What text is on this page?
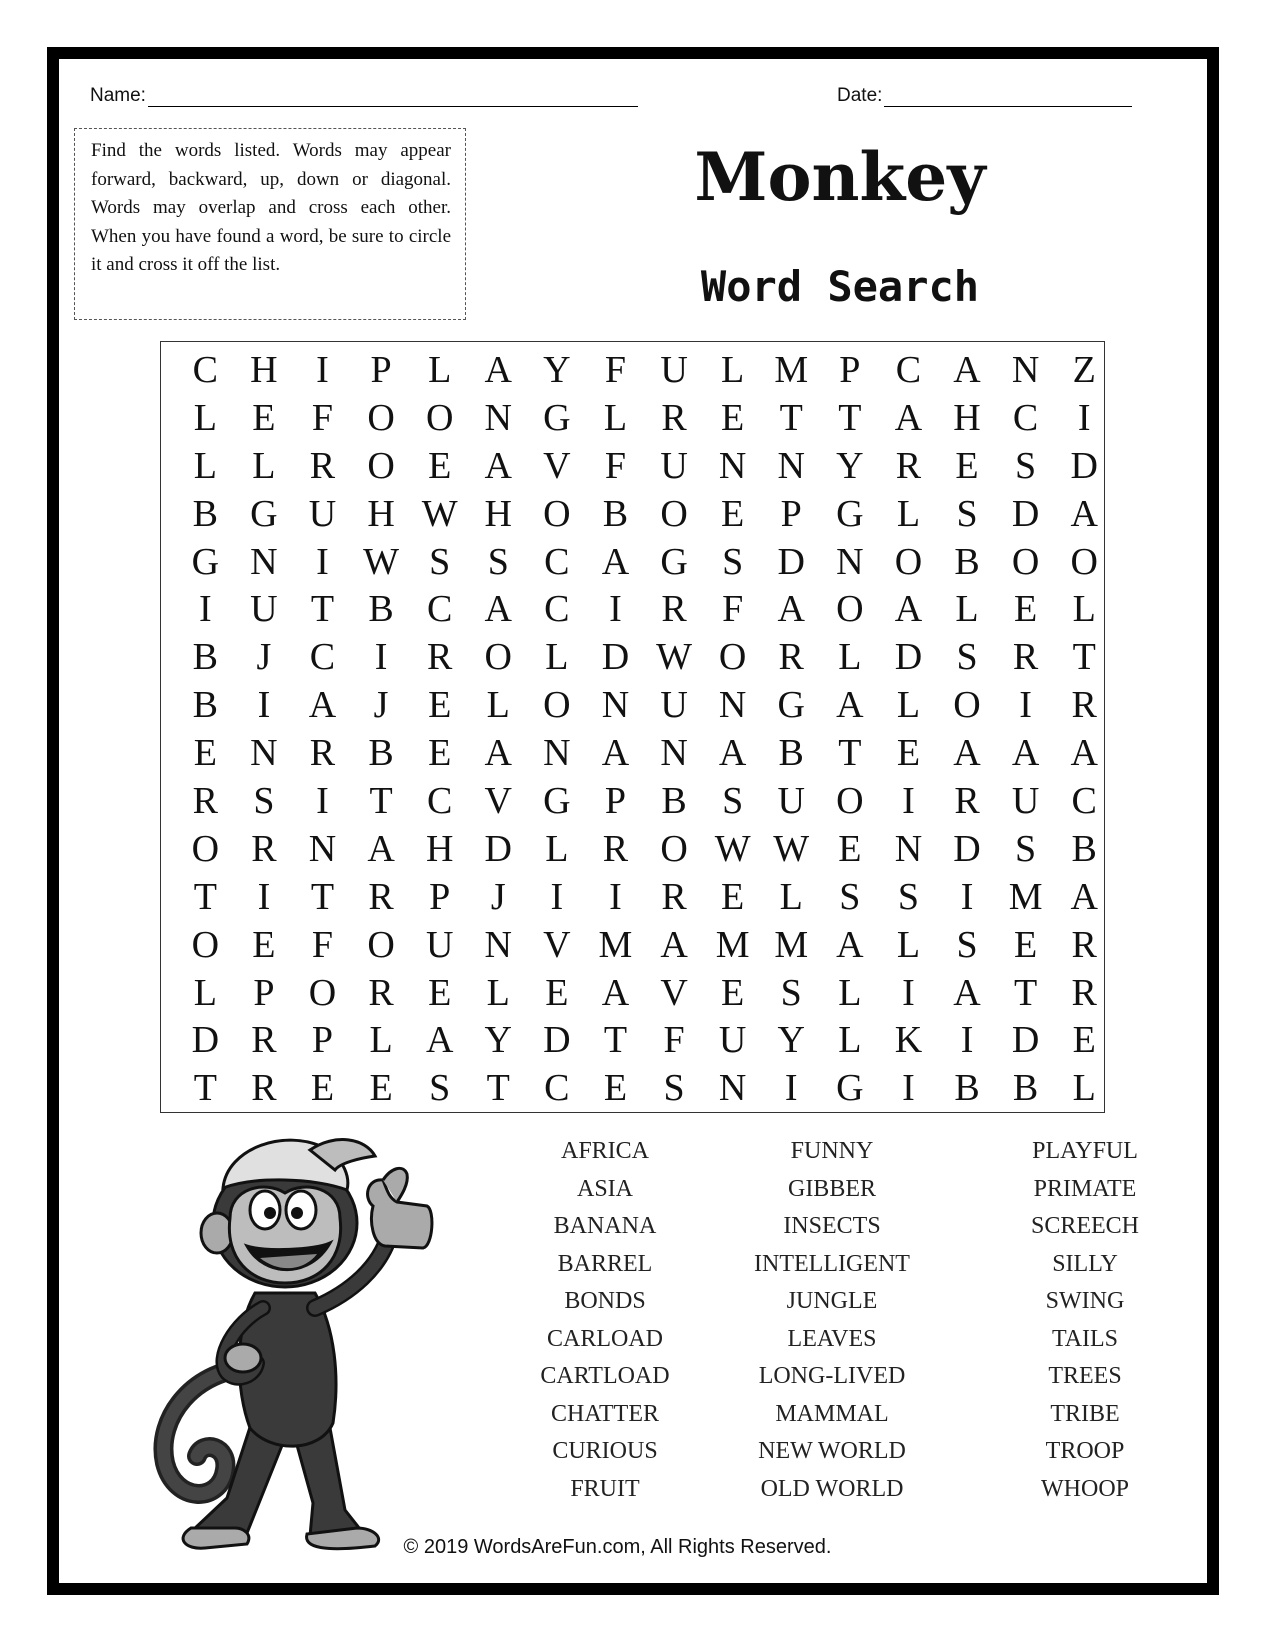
Name:	Date:
Find the words listed. Words may appear forward, backward, up, down or diagonal. Words may overlap and cross each other. When you have found a word, be sure to circle it and cross it off the list.
Monkey
Word Search
C H	I	P L A Y F U L M P C A N Z
L E F O O N G L R E T T A H C	I
L L R O E A V F U N N Y R E S D
B G U H W H O B O E P G L S D A
G N	I W S S C A G S D N O B O O
I	U T B C A C	I	R F A O A L E L
B	J	C	I	R O L D W O R L D S R T
B	I	A J	E L O N U N G A L O	I	R
E N R B E A N A N A B T E A A A
R S	I	T C V G P B S U O	I	R U C
O R N A H D L R O W W E N D S B
T	I	T R P	J	I	I	R E L S S	I M A
O E F O U N V M A M M A L S E R
L P O R E L E A V E S L	I	A T R
D R P L A Y D T F U Y L K	I	D E
T R E E S T C E S N	I	G	I	B B L
AFRICA
ASIA
BANANA
BARREL
BONDS
CARLOAD
CARTLOAD
CHATTER
CURIOUS
FRUIT
FUNNY
GIBBER
INSECTS
INTELLIGENT
JUNGLE
LEAVES
LONG-LIVED
MAMMAL
NEW WORLD
OLD WORLD
PLAYFUL
PRIMATE
SCREECH
SILLY
SWING
TAILS
TREES
TRIBE
TROOP
WHOOP
© 2019 WordsAreFun.com, All Rights Reserved.
